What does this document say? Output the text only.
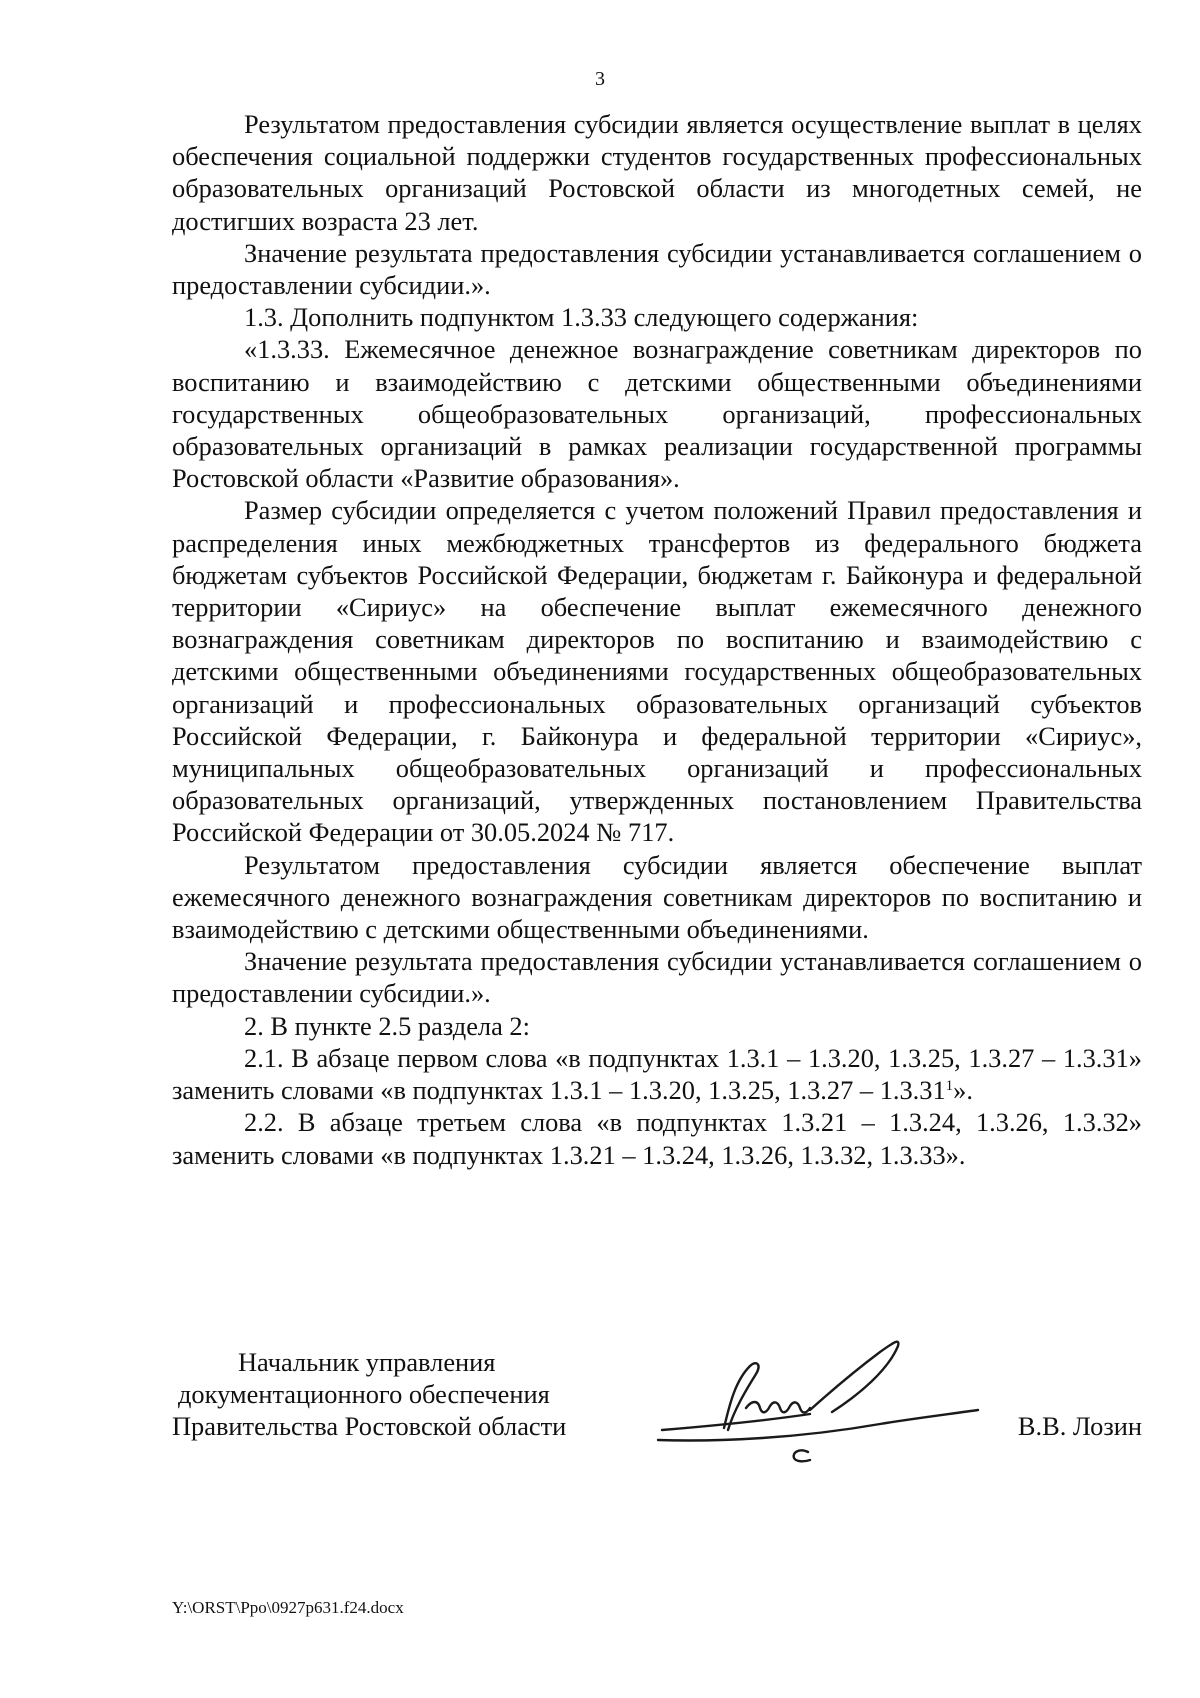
3

Результатом предоставления субсидии является осуществление выплат в целях обеспечения социальной поддержки студентов государственных профессиональных образовательных организаций Ростовской области из многодетных семей, не достигших возраста 23 лет.

Значение результата предоставления субсидии устанавливается соглашением о предоставлении субсидии.».

1.3. Дополнить подпунктом 1.3.33 следующего содержания:

«1.3.33. Ежемесячное денежное вознаграждение советникам директоров по воспитанию и взаимодействию с детскими общественными объединениями государственных общеобразовательных организаций, профессиональных образовательных организаций в рамках реализации государственной программы Ростовской области «Развитие образования».

Размер субсидии определяется с учетом положений Правил предоставления и распределения иных межбюджетных трансфертов из федерального бюджета бюджетам субъектов Российской Федерации, бюджетам г. Байконура и федеральной территории «Сириус» на обеспечение выплат ежемесячного денежного вознаграждения советникам директоров по воспитанию и взаимодействию с детскими общественными объединениями государственных общеобразовательных организаций и профессиональных образовательных организаций субъектов Российской Федерации, г. Байконура и федеральной территории «Сириус», муниципальных общеобразовательных организаций и профессиональных образовательных организаций, утвержденных постановлением Правительства Российской Федерации от 30.05.2024 № 717.

Результатом предоставления субсидии является обеспечение выплат ежемесячного денежного вознаграждения советникам директоров по воспитанию и взаимодействию с детскими общественными объединениями.

Значение результата предоставления субсидии устанавливается соглашением о предоставлении субсидии.».

2. В пункте 2.5 раздела 2:

2.1. В абзаце первом слова «в подпунктах 1.3.1 – 1.3.20, 1.3.25, 1.3.27 – 1.3.31» заменить словами «в подпунктах 1.3.1 – 1.3.20, 1.3.25, 1.3.27 – 1.3.31$^1$».

2.2. В абзаце третьем слова «в подпунктах 1.3.21 – 1.3.24, 1.3.26, 1.3.32» заменить словами «в подпунктах 1.3.21 – 1.3.24, 1.3.26, 1.3.32, 1.3.33».

Начальник управления
документационного обеспечения
Правительства Ростовской области	В.В. Лозин
Y:\ORST\Ppo\0927p631.f24.docx
